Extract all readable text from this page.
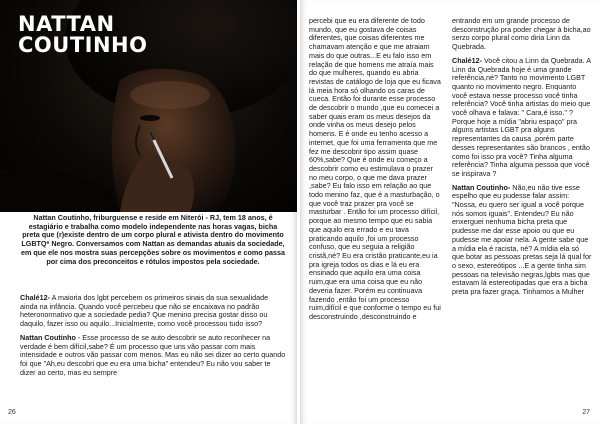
NATTAN
COUTINHO
Nattan Coutinho, friburguense e reside em Niterói - RJ, tem 18 anos, é estagiário e trabalha como modelo independente nas horas vagas, bicha preta que (r)existe dentro de um corpo plural e ativista dentro do movimento LGBTQ* Negro. Conversamos com Nattan as demandas atuais da sociedade, em que ele nos mostra suas percepções sobre os movimentos e como passa por cima dos preconceitos e rótulos impostos pela sociedade.

Chalé12- A maioria dos lgbt percebem os primeiros sinais da sua sexualidade ainda na infância. Quando você percebeu que não se encaixava no padrão heteronormativo que a sociedade pedia? Que menino precisa gostar disso ou daquilo, fazer isso ou aquilo...Inicialmente, como você processou tudo isso?

Nattan Coutinho - Esse processo de se auto descobrir se auto reconhecer na verdade é bem difícil,sabe? É um processo que uns vão passar com mais intensidade e outros vão passar com menos. Mas eu não sei dizer ao certo quando foi que "Ah,eu descobri que eu era uma bicha" entendeu? Eu não vou saber te dizer ao certo, mas eu sempre

26

percebi que eu era diferente de todo mundo, que eu gostava de coisas diferentes, que coisas diferentes me chamavam atenção e que me atraiam mais do que outras...E eu falo isso em relação de que homens me atraía mais do que mulheres, quando eu abria revistas de catálogo de loja que eu ficava lá meia hora só olhando os caras de cueca. Então foi durante esse processo de descobrir o mundo ,que eu comecei a saber quais eram os meus desejos da onde vinha os meus desejo pelos homens. E é onde eu tenho acesso a internet, que foi uma ferramenta que me fez me descobrir tipo assim quase 60%,sabe? Que é onde eu começo a descobrir como eu estimulava o prazer no meu corpo, o que me dava prazer ,sabe? Eu falo isso em relação ao que todo menino faz, que é a masturbação, o que você traz prazer pra você se masturbar . Então foi um processo difícil, porque ao mesmo tempo que eu sabia que aquilo era errado e eu tava praticando aquilo ,foi um processo confuso, que eu seguia a religião cristã,né? Eu era cristão praticante,eu ia pra igreja todos os dias e lá eu era ensinado que aquilo era uma coisa ruim,que era uma coisa que eu não deveria fazer. Porém eu continuava fazendo ,então foi um processo ruim,difícil e que conforme o tempo eu fui desconstruindo ,desconstruindo e

entrando em um grande processo de desconstrução pra poder chegar à bicha,ao serzo corpo plural como diria Linn da Quebrada.

Chalé12- Você citou a Linn da Quebrada. A Linn da Quebrada hoje é uma grande referência,né? Tanto no movimento LGBT quanto no movimento negro. Enquanto você estava nesse processo você tinha referência? Você tinha artistas do meio que você olhava e falava: " Cara,é isso." ? Porque hoje a mídia "abriu espaço" pra alguns artistas LGBT pra alguns representantes da causa ,porém parte desses representantes são brancos , então como foi isso pra você? Tinha alguma referência? Tinha alguma pessoa que você se inspirava ?

Nattan Coutinho- Não,eu não tive esse espelho que eu pudesse falar assim: "Nossa, eu quero ser igual a você porque nós somos iguais". Entendeu? Eu não enxerguei nenhuma bicha preta que pudesse me dar esse apoio ou que eu pudesse me apoiar nela. A gente sabe que a mídia ela é racista, né? A mídia ela só que botar as pessoas pretas seja lá qual for o sexo, estereótipos ...E a gente tinha sim pessoas na televisão negras,lgbts mas que estavam lá estereotipadas que era a bicha preta pra fazer graça. Tinhamos a Mulher

27
